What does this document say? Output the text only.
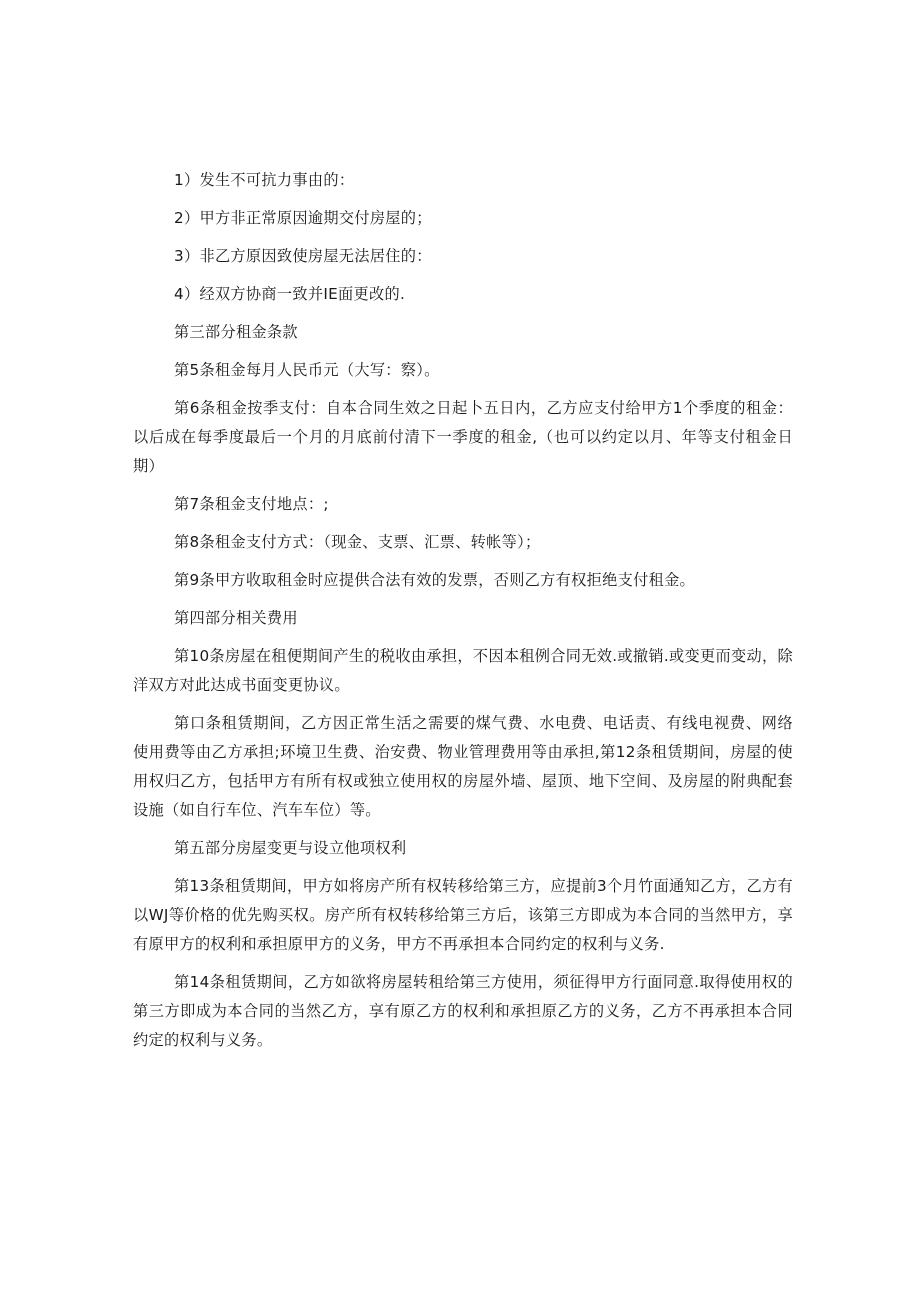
1）发生不可抗力事由的：

2）甲方非正常原因逾期交付房屋的；

3）非乙方原因致使房屋无法居住的：

4）经双方协商一致并IE面更改的.

第三部分租金条款

第5条租金每月人民币元（大写：察）。

第6条租金按季支付：自本合同生效之日起卜五日内，乙方应支付给甲方1个季度的租金：以后成在每季度最后一个月的月底前付清下一季度的租金,（也可以约定以月、年等支付租金日期）

第7条租金支付地点：;

第8条租金支付方式：（现金、支票、汇票、转帐等）；

第9条甲方收取租金时应提供合法有效的发票，否则乙方有权拒绝支付租金。

第四部分相关费用

第10条房屋在租便期间产生的税收由承担，不因本租例合同无效.或撤销.或变更而变动，除洋双方对此达成书面变更协议。

第口条租赁期间，乙方因正常生活之需要的煤气费、水电费、电话责、有线电视费、网络使用费等由乙方承担;环境卫生费、治安费、物业管理费用等由承担,第12条租赁期间，房屋的使用权归乙方，包括甲方有所有权或独立使用权的房屋外墙、屋顶、地下空间、及房屋的附典配套设施（如自行车位、汽车车位）等。

第五部分房屋变更与设立他项权利

第13条租赁期间，甲方如将房产所有权转移给第三方，应提前3个月竹面通知乙方，乙方有以WJ等价格的优先购买权。房产所有权转移给第三方后，该第三方即成为本合同的当然甲方，享有原甲方的权利和承担原甲方的义务，甲方不再承担本合同约定的权利与义务.

第14条租赁期间，乙方如欲将房屋转租给第三方使用，须征得甲方行面同意.取得使用权的第三方即成为本合同的当然乙方，享有原乙方的权利和承担原乙方的义务，乙方不再承担本合同约定的权利与义务。
